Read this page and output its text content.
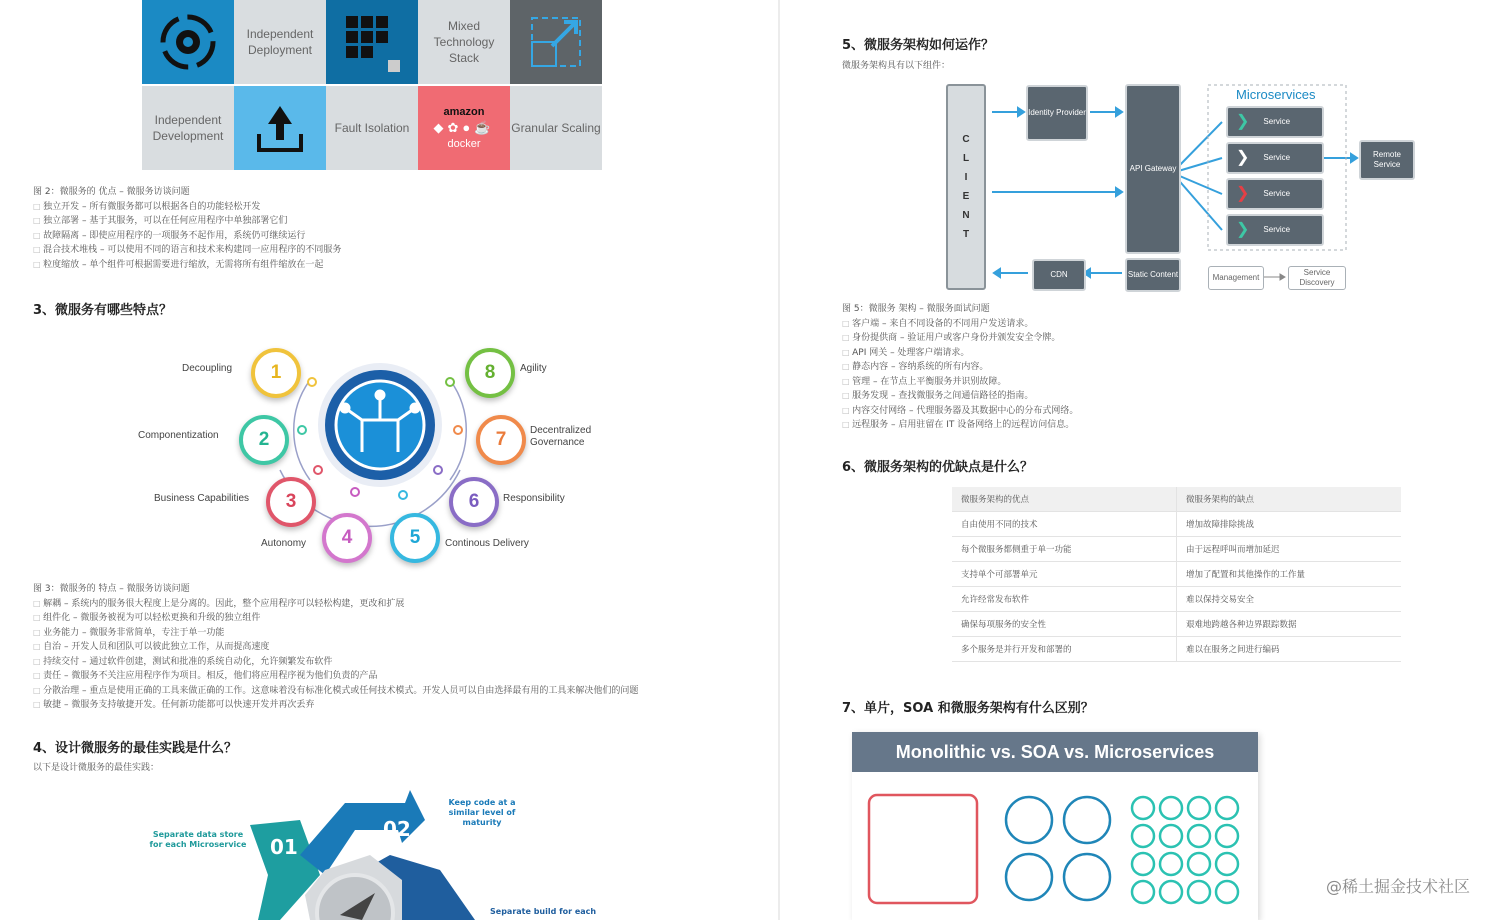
Independent Deployment
Mixed Technology Stack
Independent Development
Fault Isolation
amazon
◆✿●☕
docker
Granular Scaling
图 2：微服务的 优点 – 微服务访谈问题
□ 独立开发 – 所有微服务都可以根据各自的功能轻松开发
□ 独立部署 – 基于其服务，可以在任何应用程序中单独部署它们
□ 故障隔离 – 即使应用程序的一项服务不起作用，系统仍可继续运行
□ 混合技术堆栈 – 可以使用不同的语言和技术来构建同一应用程序的不同服务
□ 粒度缩放 – 单个组件可根据需要进行缩放，无需将所有组件缩放在一起
3、微服务有哪些特点？
1
2
3
4	5
6
7
8
Decoupling
Componentization
Business Capabilities
Autonomy	Continous Delivery
Responsibility
Decentralized Governance
Agility
图 3：微服务的 特点 – 微服务访谈问题
□ 解耦 – 系统内的服务很大程度上是分离的。因此，整个应用程序可以轻松构建，更改和扩展
□ 组件化 – 微服务被视为可以轻松更换和升级的独立组件
□ 业务能力 – 微服务非常简单，专注于单一功能
□ 自治 – 开发人员和团队可以彼此独立工作，从而提高速度
□ 持续交付 – 通过软件创建，测试和批准的系统自动化，允许频繁发布软件
□ 责任 – 微服务不关注应用程序作为项目。相反，他们将应用程序视为他们负责的产品
□ 分散治理 – 重点是使用正确的工具来做正确的工作。这意味着没有标准化模式或任何技术模式。开发人员可以自由选择最有用的工具来解决他们的问题
□ 敏捷 – 微服务支持敏捷开发。任何新功能都可以快速开发并再次丢弃
4、设计微服务的最佳实践是什么？
以下是设计微服务的最佳实践：
01
02
Separate data store for each Microservice
Keep code at a similar level of maturity
Separate build for each
5、微服务架构如何运作？
微服务架构具有以下组件：
C
L
I
E
N
T
Identity Provider
API Gateway
Microservices
❯ Service
❯ Service
❯ Service
❯ Service
Remote Service
CDN	Static Content	Management
Service Discovery
图 5：微服务 架构 – 微服务面试问题
□ 客户端 – 来自不同设备的不同用户发送请求。
□ 身份提供商 – 验证用户或客户身份并颁发安全令牌。
□ API 网关 – 处理客户端请求。
□ 静态内容 – 容纳系统的所有内容。
□ 管理 – 在节点上平衡服务并识别故障。
□ 服务发现 – 查找微服务之间通信路径的指南。
□ 内容交付网络 – 代理服务器及其数据中心的分布式网络。
□ 远程服务 – 启用驻留在 IT 设备网络上的远程访问信息。
6、微服务架构的优缺点是什么？
微服务架构的优点	微服务架构的缺点
自由使用不同的技术	增加故障排除挑战
每个微服务都侧重于单一功能	由于远程呼叫而增加延迟
支持单个可部署单元	增加了配置和其他操作的工作量
允许经常发布软件	难以保持交易安全
确保每项服务的安全性	艰难地跨越各种边界跟踪数据
多个服务是并行开发和部署的	难以在服务之间进行编码
7、单片，SOA 和微服务架构有什么区别？
Monolithic vs. SOA vs. Microservices
@稀土掘金技术社区
